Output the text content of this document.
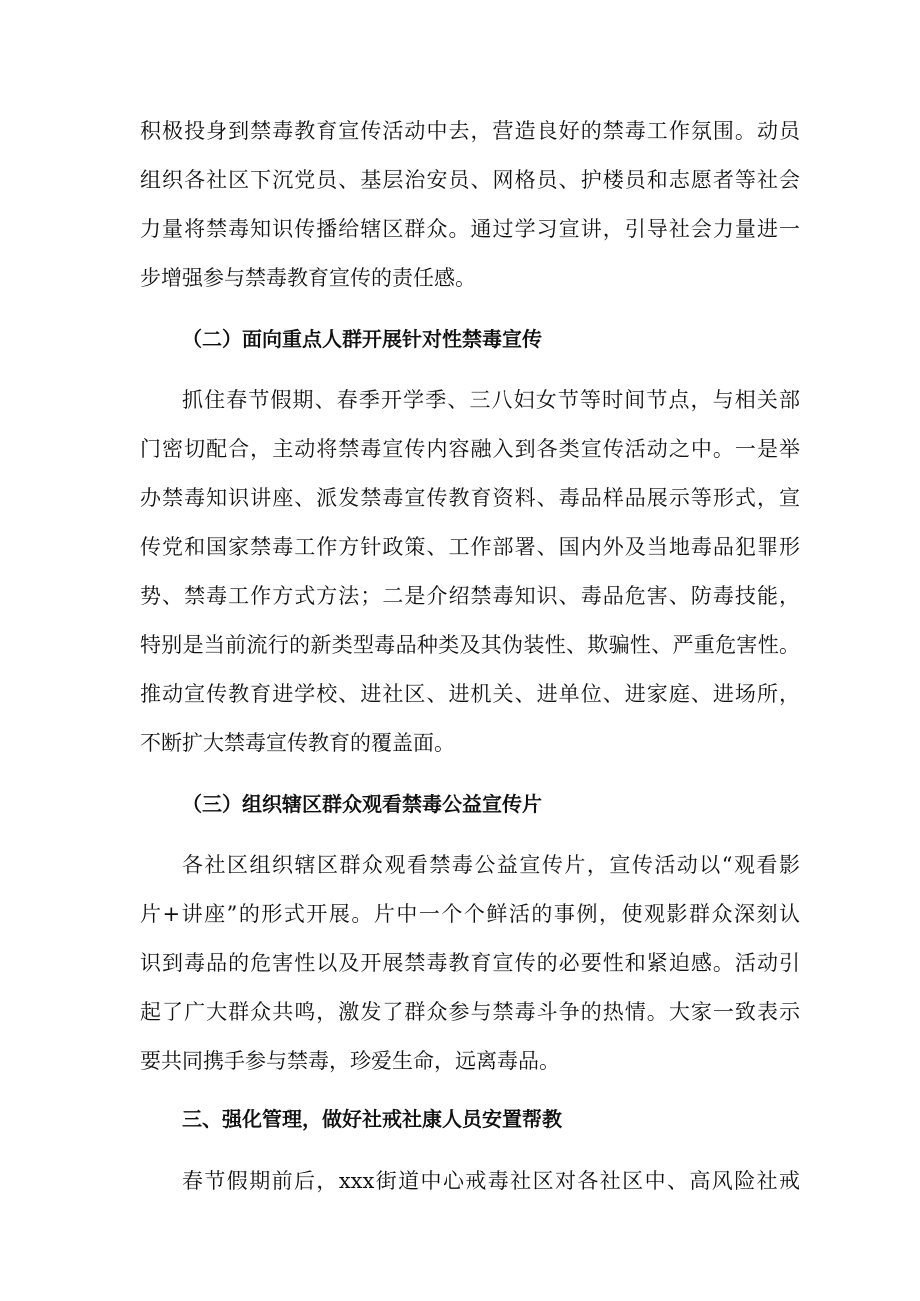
积极投身到禁毒教育宣传活动中去，营造良好的禁毒工作氛围。动员
组织各社区下沉党员、基层治安员、网格员、护楼员和志愿者等社会
力量将禁毒知识传播给辖区群众。通过学习宣讲，引导社会力量进一
步增强参与禁毒教育宣传的责任感。
（二）面向重点人群开展针对性禁毒宣传
抓住春节假期、春季开学季、三八妇女节等时间节点，与相关部
门密切配合，主动将禁毒宣传内容融入到各类宣传活动之中。一是举
办禁毒知识讲座、派发禁毒宣传教育资料、毒品样品展示等形式，宣
传党和国家禁毒工作方针政策、工作部署、国内外及当地毒品犯罪形
势、禁毒工作方式方法；二是介绍禁毒知识、毒品危害、防毒技能，
特别是当前流行的新类型毒品种类及其伪装性、欺骗性、严重危害性。
推动宣传教育进学校、进社区、进机关、进单位、进家庭、进场所，
不断扩大禁毒宣传教育的覆盖面。
（三）组织辖区群众观看禁毒公益宣传片
各社区组织辖区群众观看禁毒公益宣传片，宣传活动以“观看影
片+讲座”的形式开展。片中一个个鲜活的事例，使观影群众深刻认
识到毒品的危害性以及开展禁毒教育宣传的必要性和紧迫感。活动引
起了广大群众共鸣，激发了群众参与禁毒斗争的热情。大家一致表示
要共同携手参与禁毒，珍爱生命，远离毒品。
三、强化管理，做好社戒社康人员安置帮教
春节假期前后，xxx街道中心戒毒社区对各社区中、高风险社戒
